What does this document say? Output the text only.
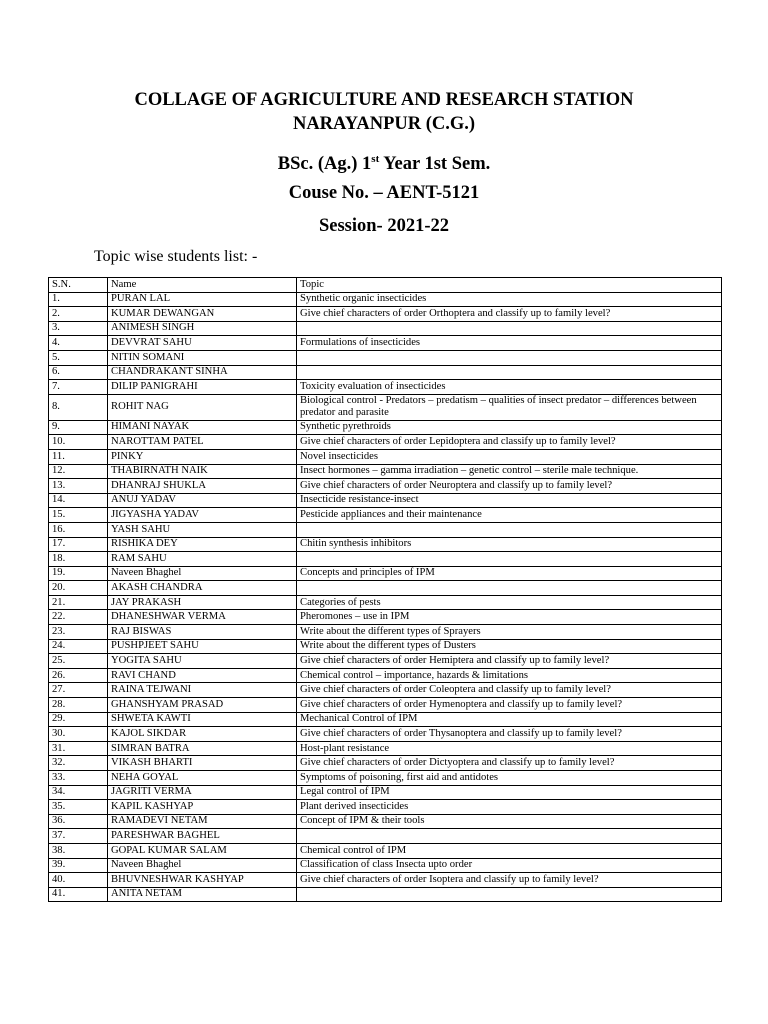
COLLAGE OF AGRICULTURE AND RESEARCH STATION

NARAYANPUR (C.G.)

BSc. (Ag.) 1st Year 1st Sem.

Couse No. – AENT-5121

Session- 2021-22

Topic wise students list: -

S.N.	Name	Topic
1.	PURAN LAL	Synthetic organic insecticides
2.	KUMAR DEWANGAN	Give chief characters of order Orthoptera and classify up to family level?
3.	ANIMESH SINGH	
4.	DEVVRAT SAHU	Formulations of insecticides
5.	NITIN SOMANI	
6.	CHANDRAKANT SINHA	
7.	DILIP PANIGRAHI	Toxicity evaluation of insecticides
8.	ROHIT NAG	Biological control - Predators – predatism – qualities of insect predator – differences between predator and parasite
9.	HIMANI NAYAK	Synthetic pyrethroids
10.	NAROTTAM PATEL	Give chief characters of order Lepidoptera and classify up to family level?
11.	PINKY	Novel insecticides
12.	THABIRNATH NAIK	Insect hormones – gamma irradiation – genetic control – sterile male technique.
13.	DHANRAJ SHUKLA	Give chief characters of order Neuroptera and classify up to family level?
14.	ANUJ YADAV	Insecticide resistance-insect
15.	JIGYASHA YADAV	Pesticide appliances and their maintenance
16.	YASH SAHU	
17.	RISHIKA DEY	Chitin synthesis inhibitors
18.	RAM SAHU	
19.	Naveen Bhaghel	Concepts and principles of IPM
20.	AKASH CHANDRA	
21.	JAY PRAKASH	Categories of pests
22.	DHANESHWAR VERMA	Pheromones – use in IPM
23.	RAJ BISWAS	Write about the different types of Sprayers
24.	PUSHPJEET SAHU	Write about the different types of Dusters
25.	YOGITA SAHU	Give chief characters of order Hemiptera and classify up to family level?
26.	RAVI CHAND	Chemical control – importance, hazards & limitations
27.	RAINA TEJWANI	Give chief characters of order Coleoptera and classify up to family level?
28.	GHANSHYAM PRASAD	Give chief characters of order Hymenoptera and classify up to family level?
29.	SHWETA KAWTI	Mechanical Control of IPM
30.	KAJOL SIKDAR	Give chief characters of order Thysanoptera and classify up to family level?
31.	SIMRAN BATRA	Host-plant resistance
32.	VIKASH BHARTI	Give chief characters of order Dictyoptera and classify up to family level?
33.	NEHA GOYAL	Symptoms of poisoning, first aid and antidotes
34.	JAGRITI VERMA	Legal control of IPM
35.	KAPIL KASHYAP	Plant derived insecticides
36.	RAMADEVI NETAM	Concept of IPM & their tools
37.	PARESHWAR BAGHEL	
38.	GOPAL KUMAR SALAM	Chemical control of IPM
39.	Naveen Bhaghel	Classification of class Insecta upto order
40.	BHUVNESHWAR KASHYAP	Give chief characters of order Isoptera and classify up to family level?
41.	ANITA NETAM	
